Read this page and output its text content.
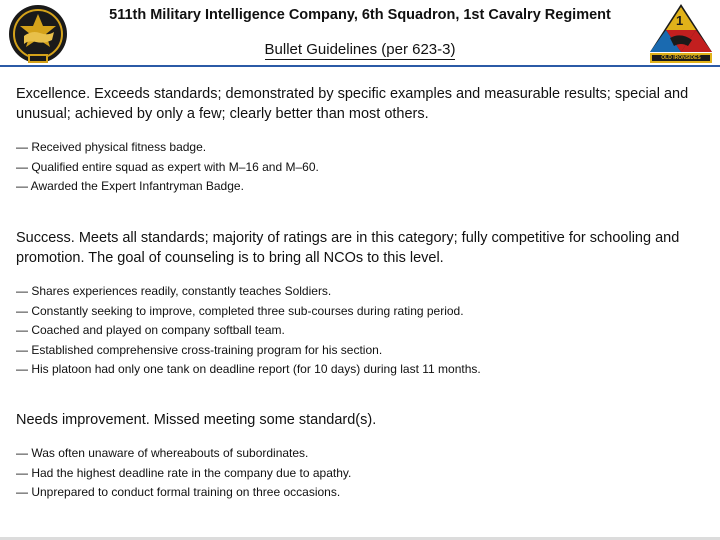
511th Military Intelligence Company, 6th Squadron, 1st Cavalry Regiment
Bullet Guidelines (per 623-3)
1
OLD IRONSIDES
Excellence. Exceeds standards; demonstrated by specific examples and measurable results; special and unusual; achieved by only a few; clearly better than most others.
— Received physical fitness badge.
— Qualified entire squad as expert with M–16 and M–60.
— Awarded the Expert Infantryman Badge.
Success. Meets all standards; majority of ratings are in this category; fully competitive for schooling and promotion. The goal of counseling is to bring all NCOs to this level.
— Shares experiences readily, constantly teaches Soldiers.
— Constantly seeking to improve, completed three sub-courses during rating period.
— Coached and played on company softball team.
— Established comprehensive cross-training program for his section.
— His platoon had only one tank on deadline report (for 10 days) during last 11 months.
Needs improvement. Missed meeting some standard(s).
— Was often unaware of whereabouts of subordinates.
— Had the highest deadline rate in the company due to apathy.
— Unprepared to conduct formal training on three occasions.
